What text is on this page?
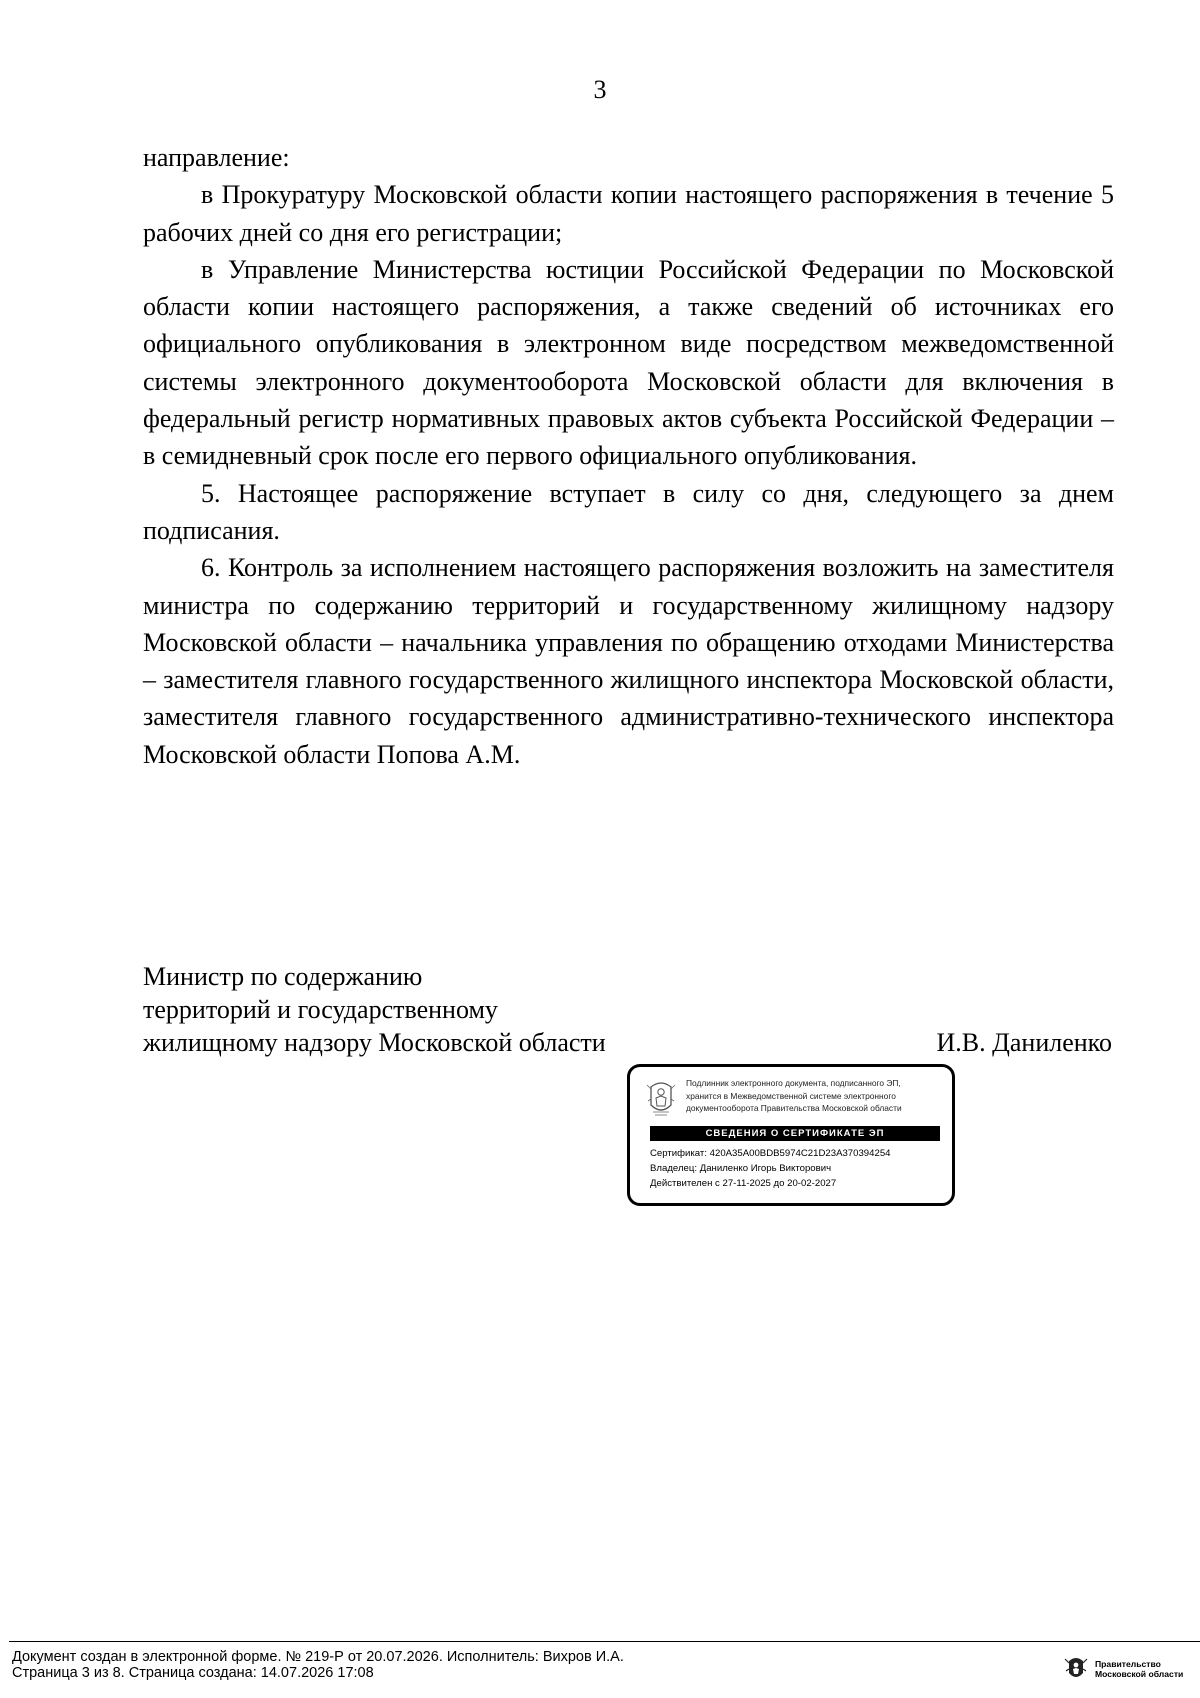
3

направление:

в Прокуратуру Московской области копии настоящего распоряжения в течение 5 рабочих дней со дня его регистрации;

в Управление Министерства юстиции Российской Федерации по Московской области копии настоящего распоряжения, а также сведений об источниках его официального опубликования в электронном виде посредством межведомственной системы электронного документооборота Московской области для включения в федеральный регистр нормативных правовых актов субъекта Российской Федерации – в семидневный срок после его первого официального опубликования.

5. Настоящее распоряжение вступает в силу со дня, следующего за днем подписания.

6. Контроль за исполнением настоящего распоряжения возложить на заместителя министра по содержанию территорий и государственному жилищному надзору Московской области – начальника управления по обращению отходами Министерства – заместителя главного государственного жилищного инспектора Московской области, заместителя главного государственного административно-технического инспектора Московской области Попова А.М.

Министр по содержанию
территорий и государственному
жилищному надзору Московской области	И.В. Даниленко
Подлинник электронного документа, подписанного ЭП,
хранится в Межведомственной системе электронного
документооборота Правительства Московской области
СВЕДЕНИЯ О СЕРТИФИКАТЕ ЭП
Сертификат: 420A35A00BDB5974C21D23A370394254
Владелец: Даниленко Игорь Викторович
Действителен с 27-11-2025 до 20-02-2027
Документ создан в электронной форме. № 219-Р от 20.07.2026. Исполнитель: Вихров И.А.
Страница 3 из 8. Страница создана: 14.07.2026 17:08
Правительство
Московской области
